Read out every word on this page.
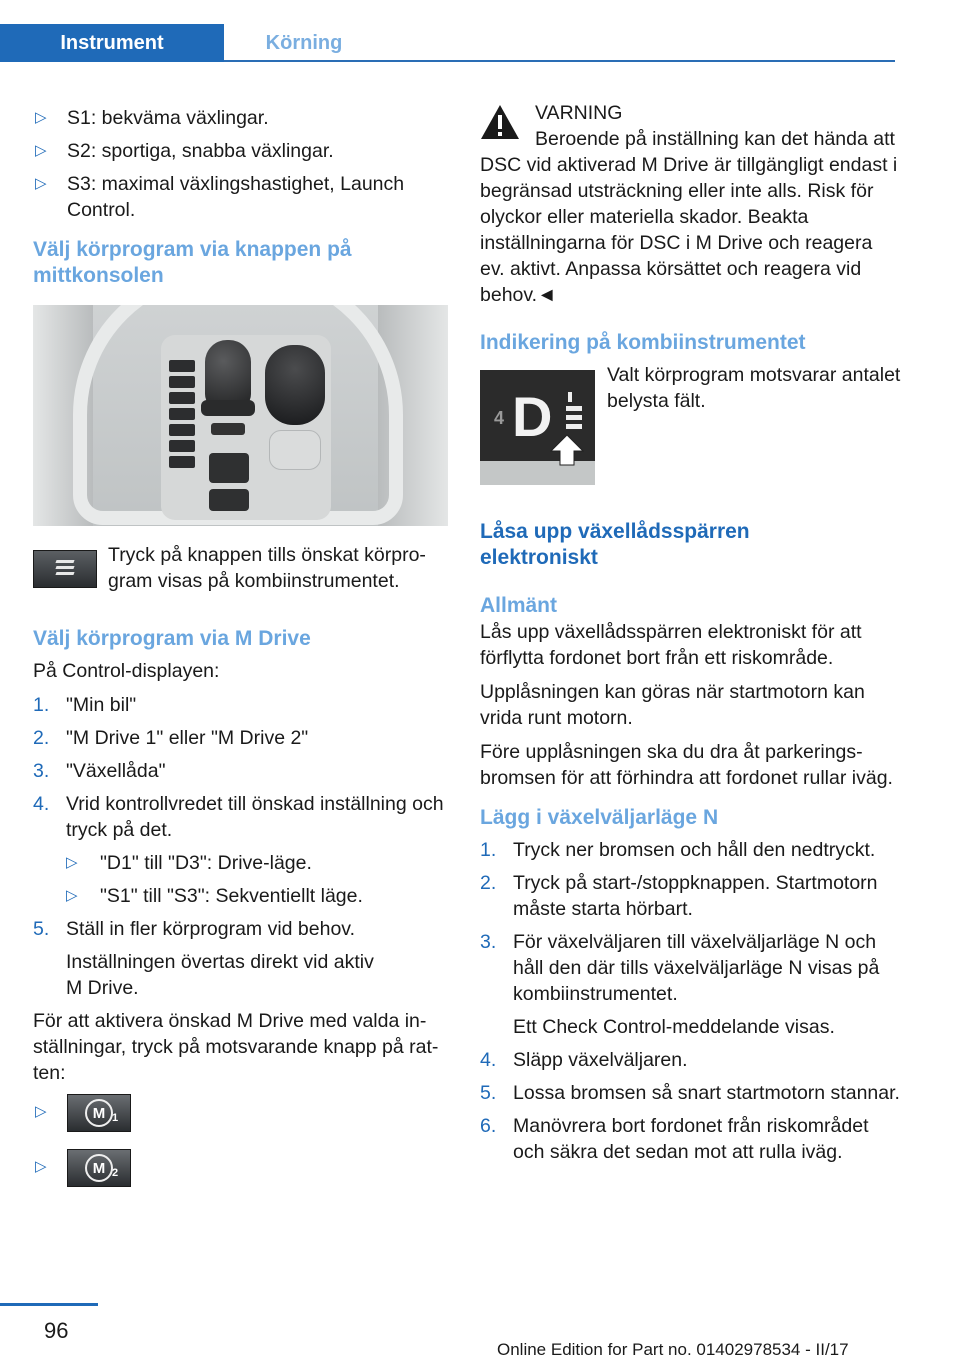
Instrument	Körning
▷ S1: bekväma växlingar.
▷ S2: sportiga, snabba växlingar.
▷ S3: maximal växlingshastighet, Launch Control.
Välj körprogram via knappen på mittkonsolen
Tryck på knappen tills önskat körprogram visas på kombiinstrumentet.
Välj körprogram via M Drive
På Control-displayen:
1. "Min bil"
2. "M Drive 1" eller "M Drive 2"
3. "Växellåda"
4. Vrid kontrollvredet till önskad inställning och tryck på det.
▷ "D1" till "D3": Drive-läge.
▷ "S1" till "S3": Sekventiellt läge.
5. Ställ in fler körprogram vid behov.
Inställningen övertas direkt vid aktiv M Drive.
För att aktivera önskad M Drive med valda inställningar, tryck på motsvarande knapp på ratten:
▷	M 1
▷	M 2
VARNING
Beroende på inställning kan det hända att DSC vid aktiverad M Drive är tillgängligt endast i begränsad utsträckning eller inte alls. Risk för olyckor eller materiella skador. Beakta inställningarna för DSC i M Drive och reagera ev. aktivt. Anpassa körsättet och reagera vid behov.◄
Indikering på kombiinstrumentet
4 D
Valt körprogram motsvarar antalet belysta fält.
Låsa upp växellådsspärren elektroniskt
Allmänt
Lås upp växellådsspärren elektroniskt för att förflytta fordonet bort från ett riskområde.
Upplåsningen kan göras när startmotorn kan vrida runt motorn.
Före upplåsningen ska du dra åt parkeringsbromsen för att förhindra att fordonet rullar iväg.
Lägg i växelväljarläge N
1. Tryck ner bromsen och håll den nedtryckt.
2. Tryck på start-/stoppknappen. Startmotorn måste starta hörbart.
3. För växelväljaren till växelväljarläge N och håll den där tills växelväljarläge N visas på kombiinstrumentet.
Ett Check Control-meddelande visas.
4. Släpp växelväljaren.
5. Lossa bromsen så snart startmotorn stannar.
6. Manövrera bort fordonet från riskområdet och säkra det sedan mot att rulla iväg.
96
Online Edition for Part no. 01402978534 - II/17
